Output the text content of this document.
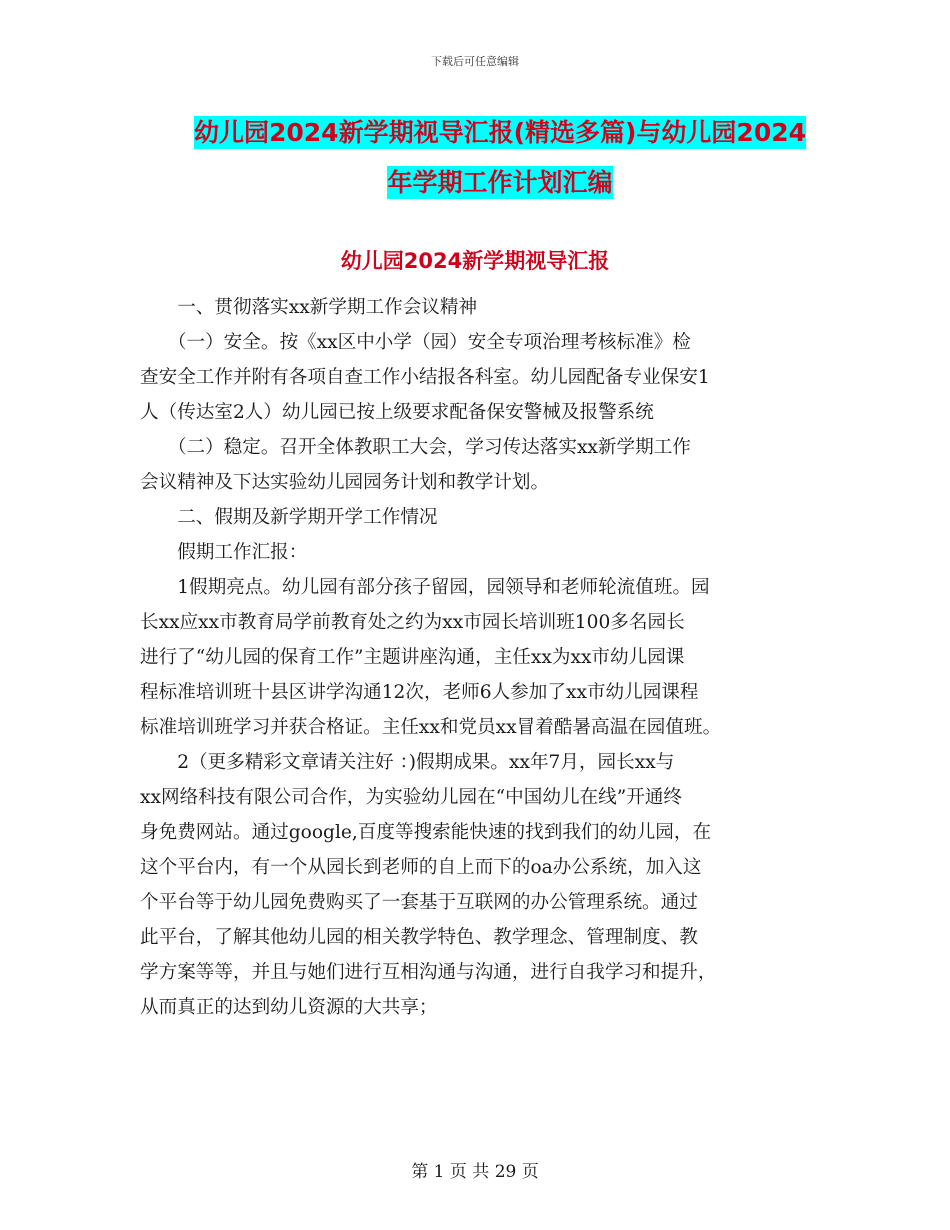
下载后可任意编辑
幼儿园2024新学期视导汇报(精选多篇)与幼儿园2024
年学期工作计划汇编
幼儿园2024新学期视导汇报
　　一、贯彻落实xx新学期工作会议精神
　　（一）安全。按《xx区中小学（园）安全专项治理考核标准》检
查安全工作并附有各项自查工作小结报各科室。幼儿园配备专业保安1
人（传达室2人）幼儿园已按上级要求配备保安警械及报警系统
　　（二）稳定。召开全体教职工大会，学习传达落实xx新学期工作
会议精神及下达实验幼儿园园务计划和教学计划。
　　二、假期及新学期开学工作情况
　　假期工作汇报：
　　1假期亮点。幼儿园有部分孩子留园，园领导和老师轮流值班。园
长xx应xx市教育局学前教育处之约为xx市园长培训班100多名园长
进行了“幼儿园的保育工作”主题讲座沟通，主任xx为xx市幼儿园课
程标准培训班十县区讲学沟通12次，老师6人参加了xx市幼儿园课程
标准培训班学习并获合格证。主任xx和党员xx冒着酷暑高温在园值班。
　　2（更多精彩文章请关注好 ：)假期成果。xx年7月，园长xx与
xx网络科技有限公司合作，为实验幼儿园在“中国幼儿在线”开通终
身免费网站。通过google,百度等搜索能快速的找到我们的幼儿园，在
这个平台内，有一个从园长到老师的自上而下的oa办公系统，加入这
个平台等于幼儿园免费购买了一套基于互联网的办公管理系统。通过
此平台，了解其他幼儿园的相关教学特色、教学理念、管理制度、教
学方案等等，并且与她们进行互相沟通与沟通，进行自我学习和提升，
从而真正的达到幼儿资源的大共享；
第 1 页 共 29 页
